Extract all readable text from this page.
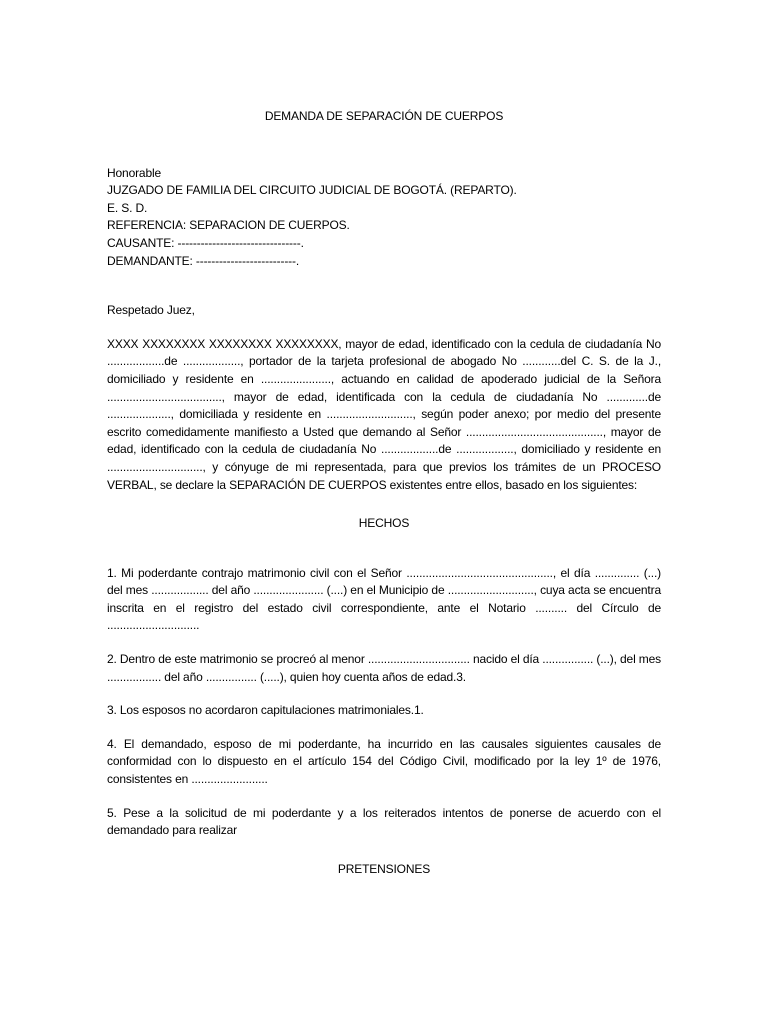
DEMANDA DE SEPARACIÓN DE CUERPOS

Honorable

JUZGADO DE FAMILIA DEL CIRCUITO JUDICIAL DE BOGOTÁ. (REPARTO).

E. S. D.

REFERENCIA: SEPARACION DE CUERPOS.

CAUSANTE: --------------------------------.

DEMANDANTE: --------------------------.

Respetado Juez,

XXXX XXXXXXXX XXXXXXXX XXXXXXXX, mayor de edad, identificado con la cedula de ciudadanía No ..................de .................., portador de la tarjeta profesional de abogado No ............del C. S. de la J., domiciliado y residente en ......................, actuando en calidad de apoderado judicial de la Señora ...................................., mayor de edad, identificada con la cedula de ciudadanía No .............de ...................., domiciliada y residente en ..........................., según poder anexo; por medio del presente escrito comedidamente manifiesto a Usted que demando al Señor ..........................................., mayor de edad, identificado con la cedula de ciudadanía No ..................de .................., domiciliado y residente en .............................., y cónyuge de mi representada, para que previos los trámites de un PROCESO VERBAL, se declare la SEPARACIÓN DE CUERPOS existentes entre ellos, basado en los siguientes:

HECHOS

1. Mi poderdante contrajo matrimonio civil con el Señor .............................................., el día .............. (...) del mes .................. del año ...................... (....) en el Municipio de ..........................., cuya acta se encuentra inscrita en el registro del estado civil correspondiente, ante el Notario .......... del Círculo de .............................

2. Dentro de este matrimonio se procreó al menor ................................ nacido el día ................ (...), del mes ................. del año ................ (.....), quien hoy cuenta años de edad.3.

3. Los esposos no acordaron capitulaciones matrimoniales.1.

4. El demandado, esposo de mi poderdante, ha incurrido en las causales siguientes causales de conformidad con lo dispuesto en el artículo 154 del Código Civil, modificado por la ley 1º de 1976, consistentes en ........................

5. Pese a la solicitud de mi poderdante y a los reiterados intentos de ponerse de acuerdo con el demandado para realizar

PRETENSIONES
